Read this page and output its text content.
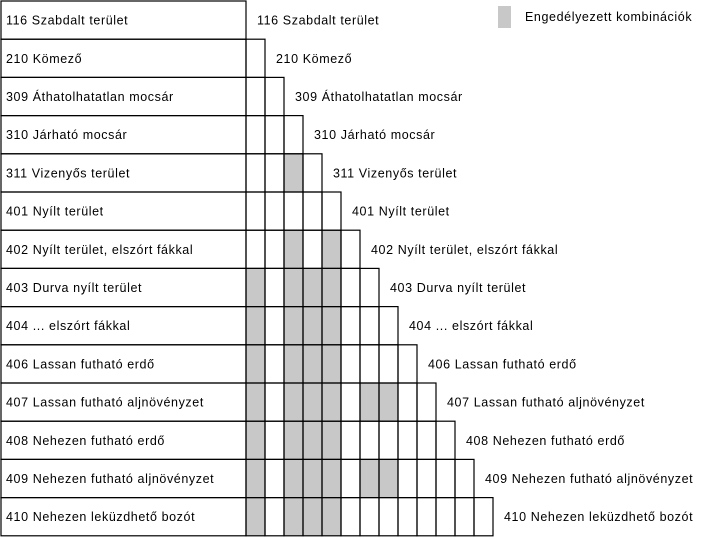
Engedélyezett kombinációk
116 Szabdalt terület
210 Kömező
309 Áthatolhatatlan mocsár
310 Járható mocsár
311 Vizenyős terület
401 Nyílt terület
402 Nyílt terület, elszórt fákkal
403 Durva nyílt terület
404 ... elszórt fákkal
406 Lassan futható erdő
407 Lassan futható aljnövényzet
408 Nehezen futható erdő
409 Nehezen futható aljnövényzet
410 Nehezen leküzdhető bozót
116 Szabdalt terület
210 Kömező
309 Áthatolhatatlan mocsár
310 Járható mocsár
311 Vizenyős terület
401 Nyílt terület
402 Nyílt terület, elszórt fákkal
403 Durva nyílt terület
404 ... elszórt fákkal
406 Lassan futható erdő
407 Lassan futható aljnövényzet
408 Nehezen futható erdő
409 Nehezen futható aljnövényzet
410 Nehezen leküzdhető bozót
